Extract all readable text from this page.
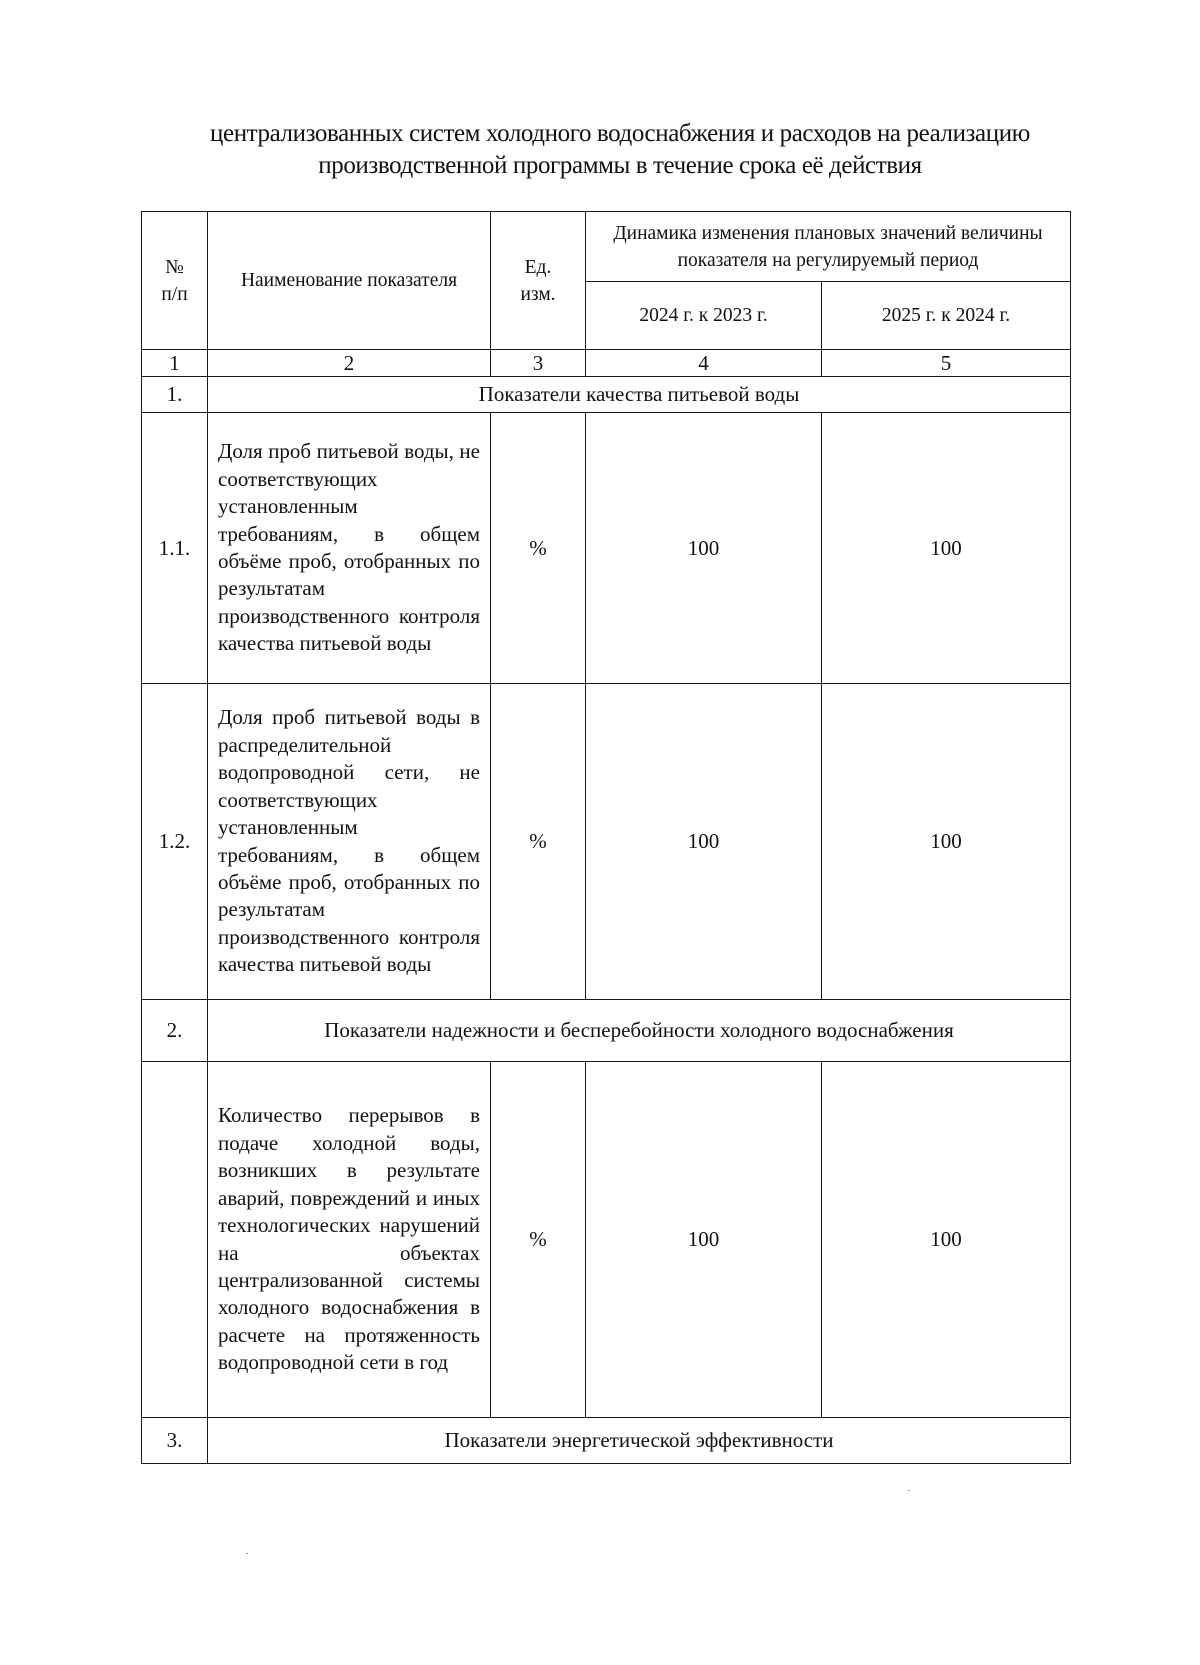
централизованных систем холодного водоснабжения и расходов на реализацию
производственной программы в течение срока её действия
№ п/п	Наименование показателя	Ед. изм.	Динамика изменения плановых значений величины показателя на регулируемый период	
			2024 г. к 2023 г.	2025 г. к 2024 г.
1	2	3	4	5
1.	Показатели качества питьевой воды			
1.1.	Доля проб питьевой воды, не соответствующих установленным требованиям, в общем объёме проб, отобранных по результатам производственного контроля качества питьевой воды	%	100	100
1.2.	Доля проб питьевой воды в распределительной водопроводной сети, не соответствующих установленным требованиям, в общем объёме проб, отобранных по результатам производственного контроля качества питьевой воды	%	100	100
2.	Показатели надежности и бесперебойности холодного водоснабжения			
	Количество перерывов в подаче холодной воды, возникших в результате аварий, повреждений и иных технологических нарушений на объектах централизованной системы холодного водоснабжения в расчете на протяженность водопроводной сети в год	%	100	100
3.	Показатели энергетической эффективности			
